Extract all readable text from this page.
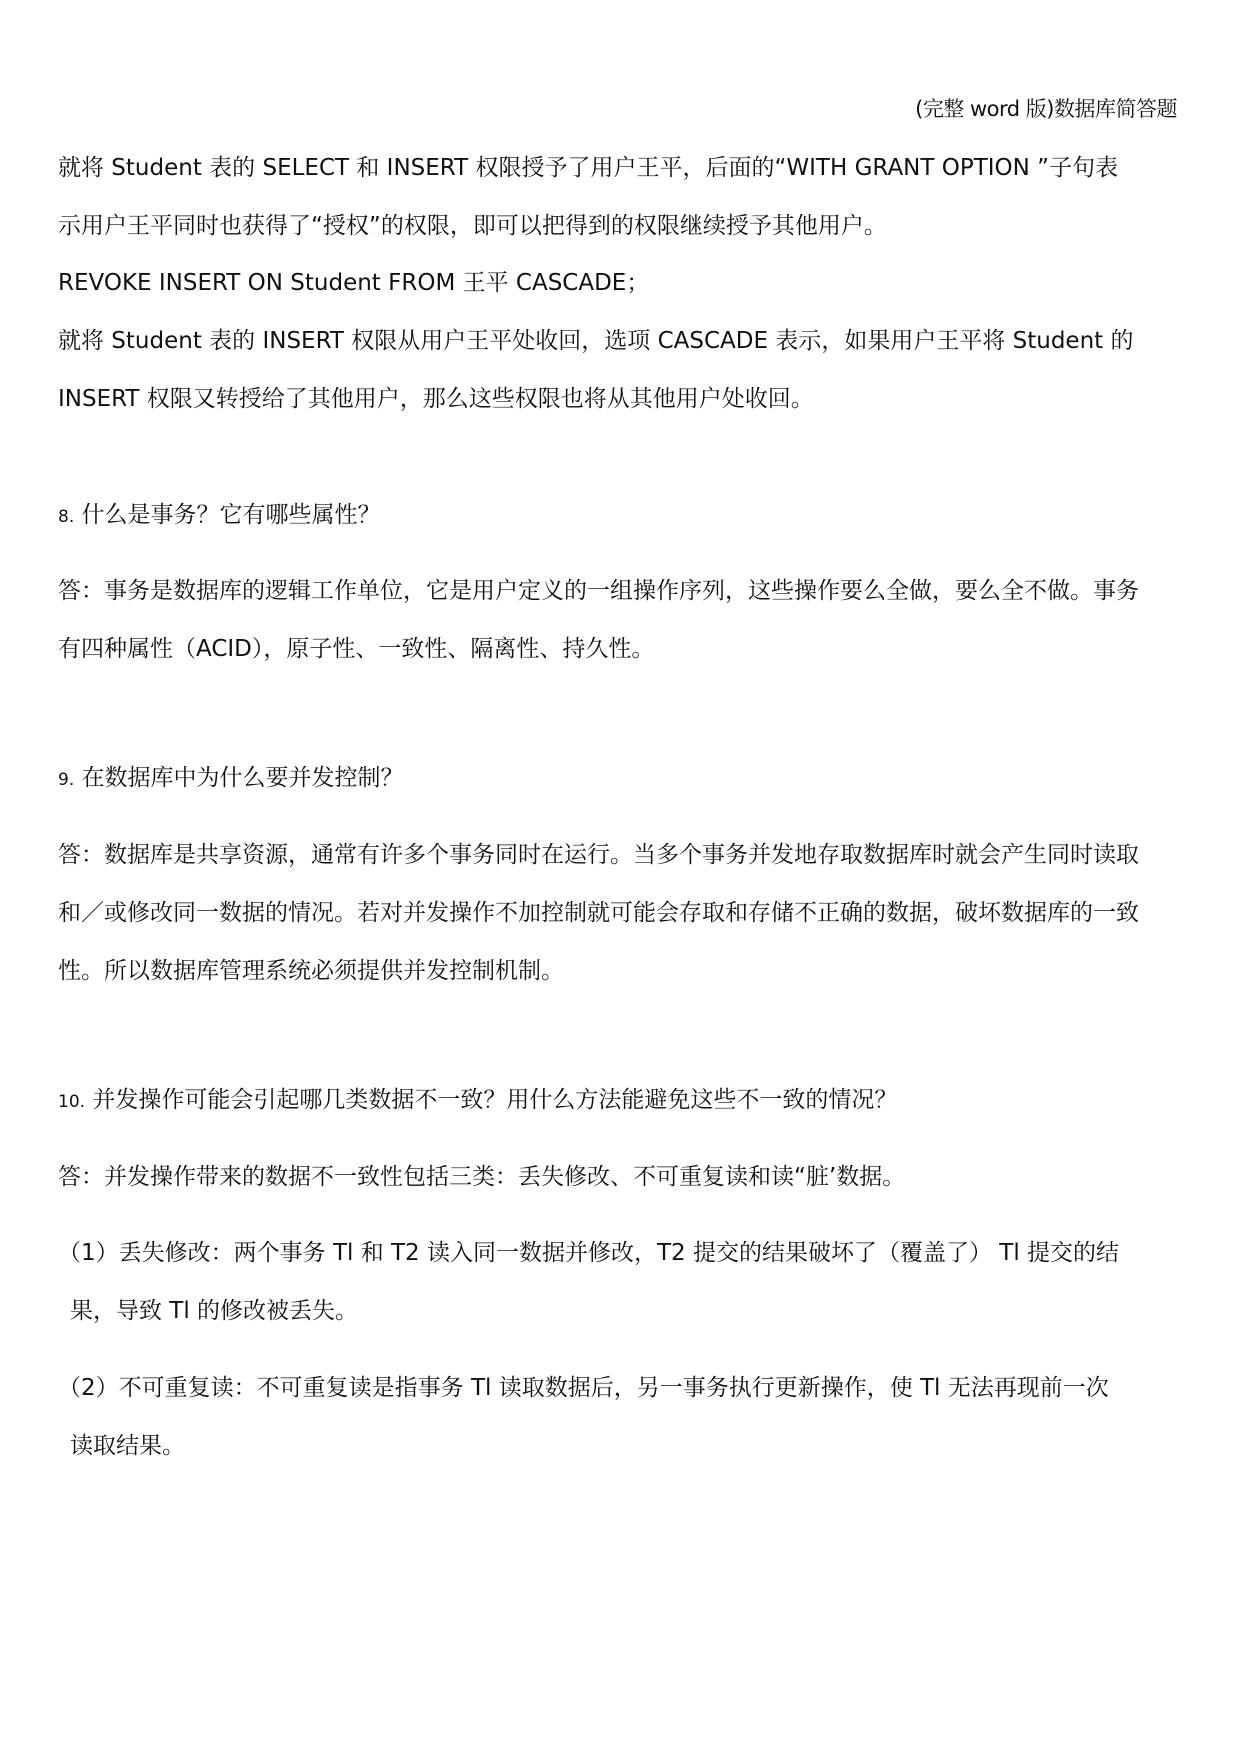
(完整 word 版)数据库简答题
就将 Student 表的 SELECT 和 INSERT 权限授予了用户王平，后面的“WITH GRANT OPTION ”子句表
示用户王平同时也获得了“授权”的权限，即可以把得到的权限继续授予其他用户。
REVOKE INSERT ON Student FROM 王平 CASCADE；
就将 Student 表的 INSERT 权限从用户王平处收回，选项 CASCADE 表示，如果用户王平将 Student 的
INSERT 权限又转授给了其他用户，那么这些权限也将从其他用户处收回。
8. 什么是事务？它有哪些属性？
答：事务是数据库的逻辑工作单位，它是用户定义的一组操作序列，这些操作要么全做，要么全不做。事务
有四种属性（ACID），原子性、一致性、隔离性、持久性。
9. 在数据库中为什么要并发控制？
答：数据库是共享资源，通常有许多个事务同时在运行。当多个事务并发地存取数据库时就会产生同时读取
和／或修改同一数据的情况。若对并发操作不加控制就可能会存取和存储不正确的数据，破坏数据库的一致
性。所以数据库管理系统必须提供并发控制机制。
10. 并发操作可能会引起哪几类数据不一致？用什么方法能避免这些不一致的情况？
答：并发操作带来的数据不一致性包括三类：丢失修改、不可重复读和读“脏’数据。
（1）丢失修改：两个事务 Tl 和 T2 读入同一数据并修改，T2 提交的结果破坏了（覆盖了） Tl 提交的结
果，导致 Tl 的修改被丢失。
（2）不可重复读：不可重复读是指事务 Tl 读取数据后，另一事务执行更新操作，使 Tl 无法再现前一次
读取结果。
